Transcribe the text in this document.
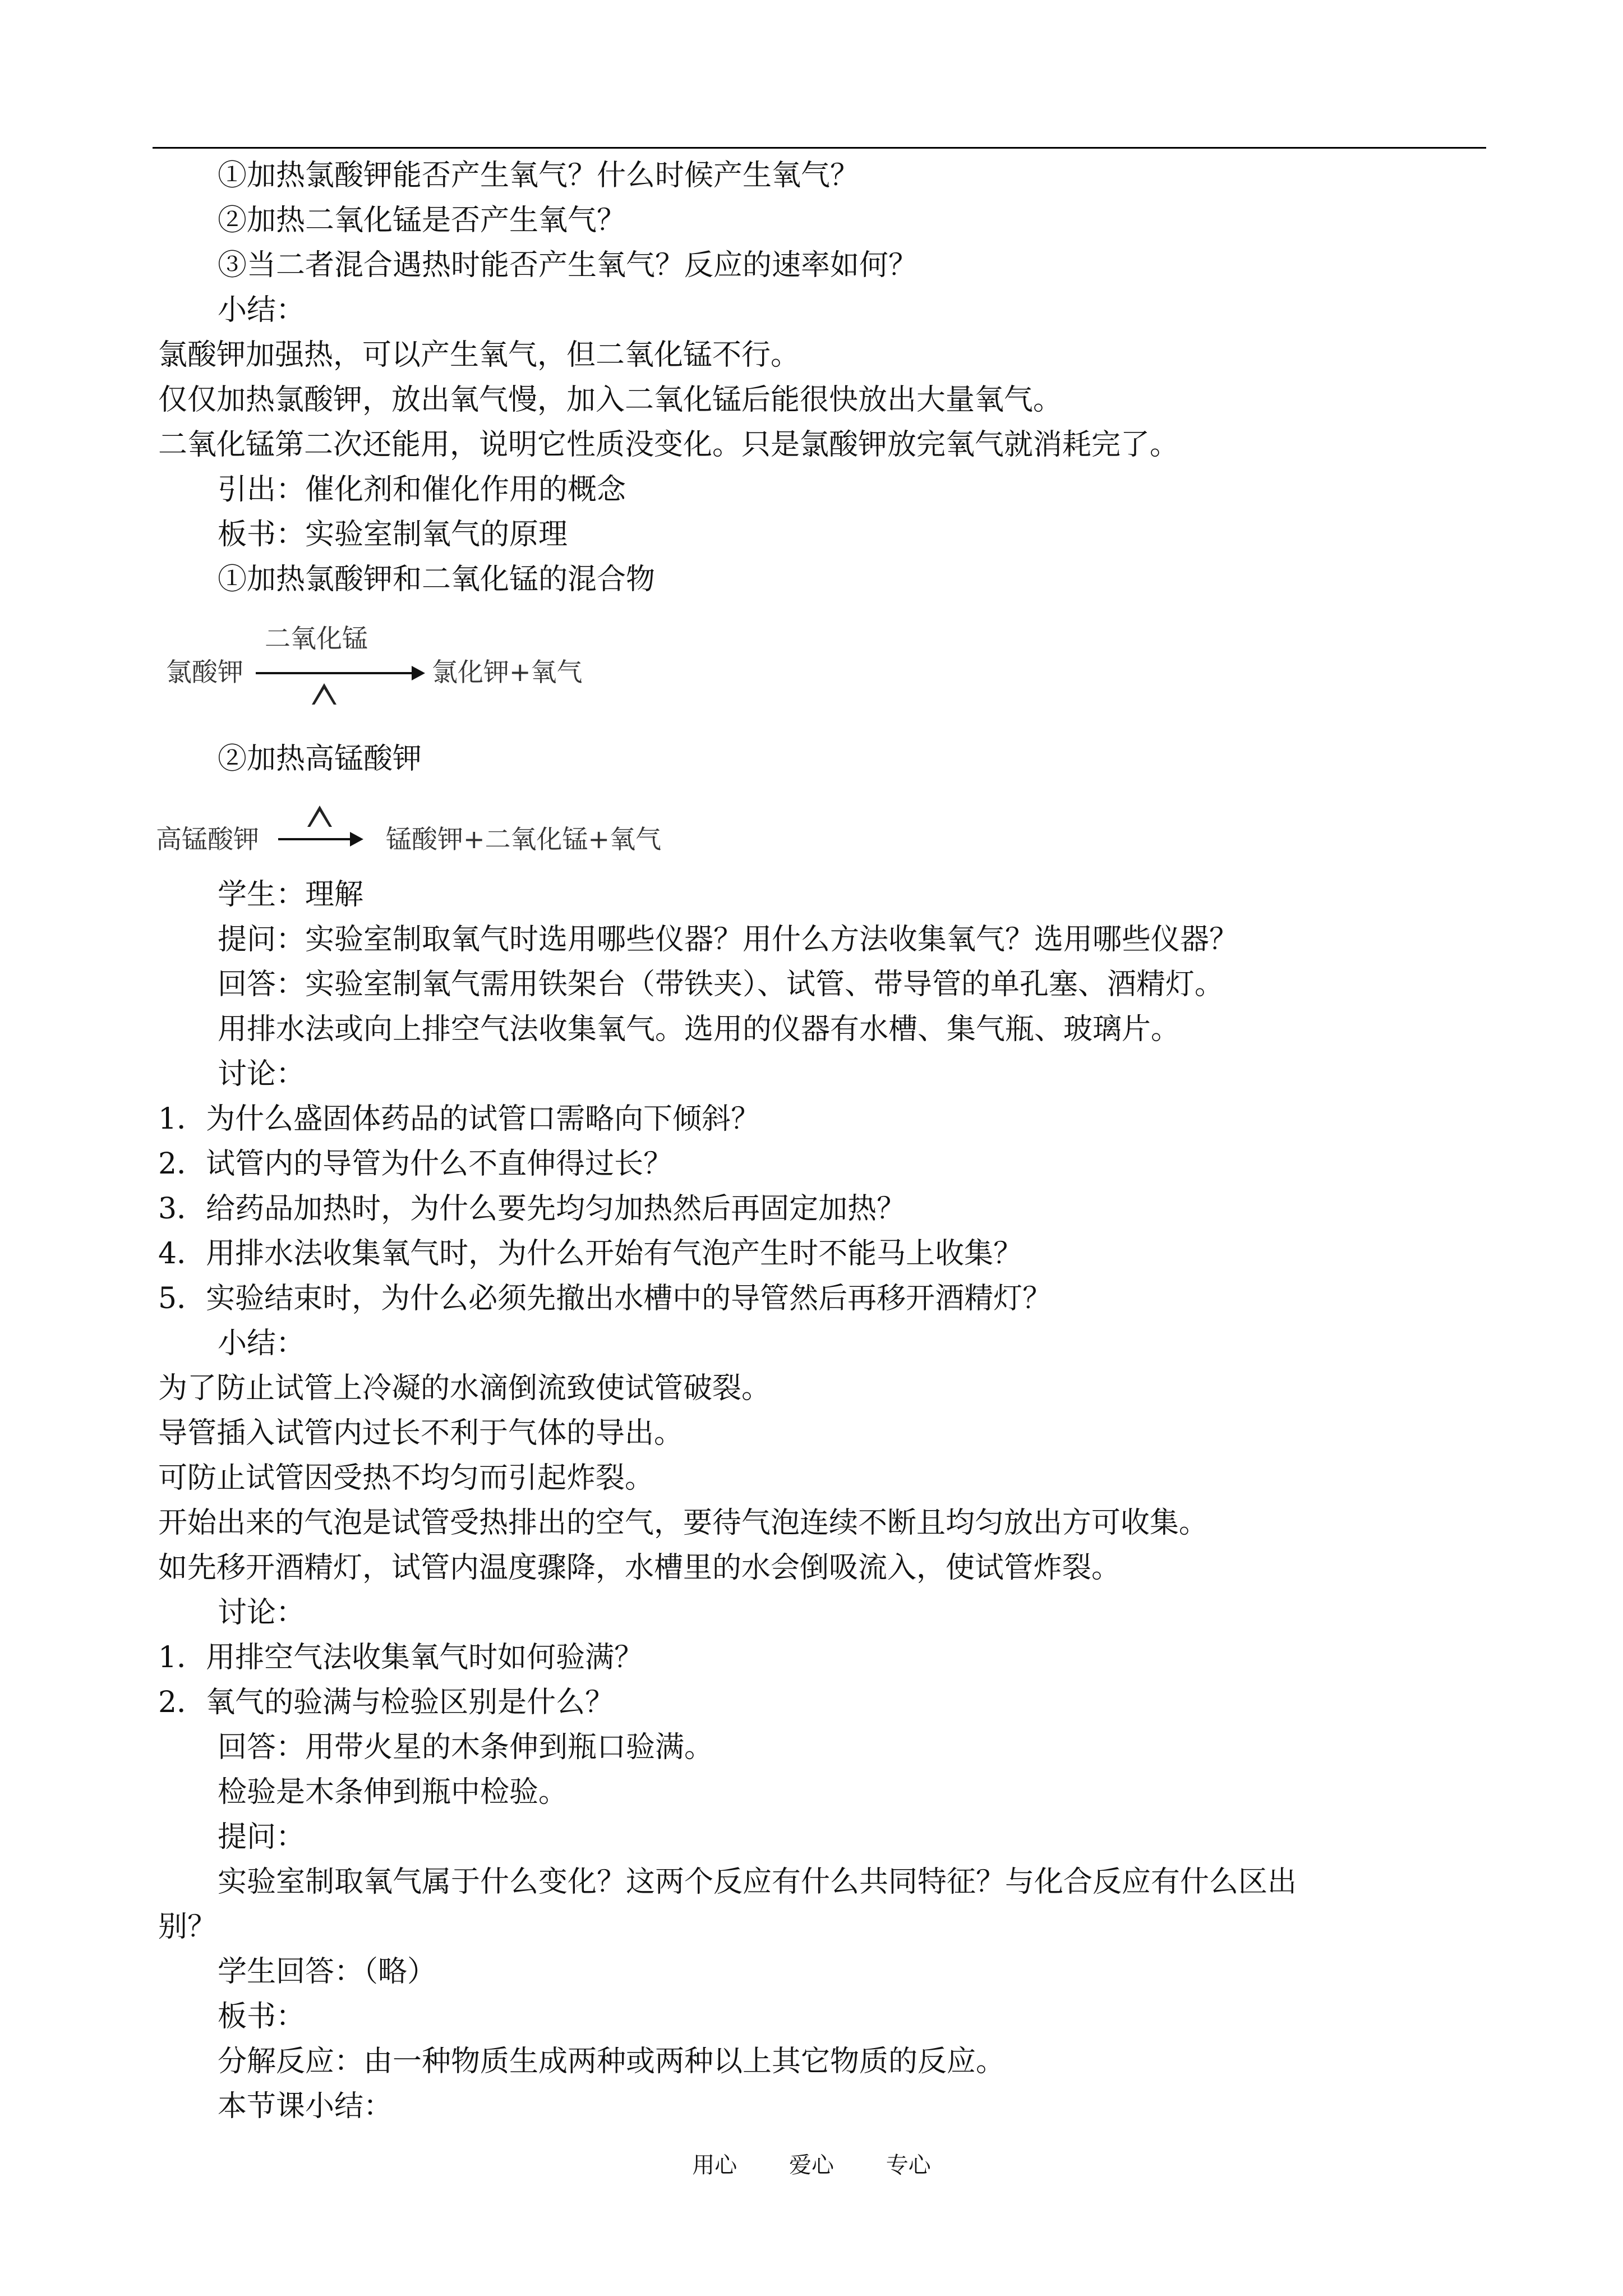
①加热氯酸钾能否产生氧气？什么时候产生氧气？
②加热二氧化锰是否产生氧气？
③当二者混合遇热时能否产生氧气？反应的速率如何？
小结：
氯酸钾加强热，可以产生氧气，但二氧化锰不行。
仅仅加热氯酸钾，放出氧气慢，加入二氧化锰后能很快放出大量氧气。
二氧化锰第二次还能用，说明它性质没变化。只是氯酸钾放完氧气就消耗完了。
引出：催化剂和催化作用的概念
板书：实验室制氧气的原理
①加热氯酸钾和二氧化锰的混合物
氯酸钾
二氧化锰
氯化钾+氧气
②加热高锰酸钾
高锰酸钾	锰酸钾+二氧化锰+氧气
学生：理解
提问：实验室制取氧气时选用哪些仪器？用什么方法收集氧气？选用哪些仪器？
回答：实验室制氧气需用铁架台（带铁夹）、试管、带导管的单孔塞、酒精灯。
用排水法或向上排空气法收集氧气。选用的仪器有水槽、集气瓶、玻璃片。
讨论：
1．为什么盛固体药品的试管口需略向下倾斜？
2．试管内的导管为什么不直伸得过长？
3．给药品加热时，为什么要先均匀加热然后再固定加热？
4．用排水法收集氧气时，为什么开始有气泡产生时不能马上收集？
5．实验结束时，为什么必须先撤出水槽中的导管然后再移开酒精灯？
小结：
为了防止试管上冷凝的水滴倒流致使试管破裂。
导管插入试管内过长不利于气体的导出。
可防止试管因受热不均匀而引起炸裂。
开始出来的气泡是试管受热排出的空气，要待气泡连续不断且均匀放出方可收集。
如先移开酒精灯，试管内温度骤降，水槽里的水会倒吸流入，使试管炸裂。
讨论：
1．用排空气法收集氧气时如何验满？
2．氧气的验满与检验区别是什么？
回答：用带火星的木条伸到瓶口验满。
检验是木条伸到瓶中检验。
提问：
实验室制取氧气属于什么变化？这两个反应有什么共同特征？与化合反应有什么区出
别？
学生回答：（略）
板书：
分解反应：由一种物质生成两种或两种以上其它物质的反应。
本节课小结：
用心 爱心 专心
